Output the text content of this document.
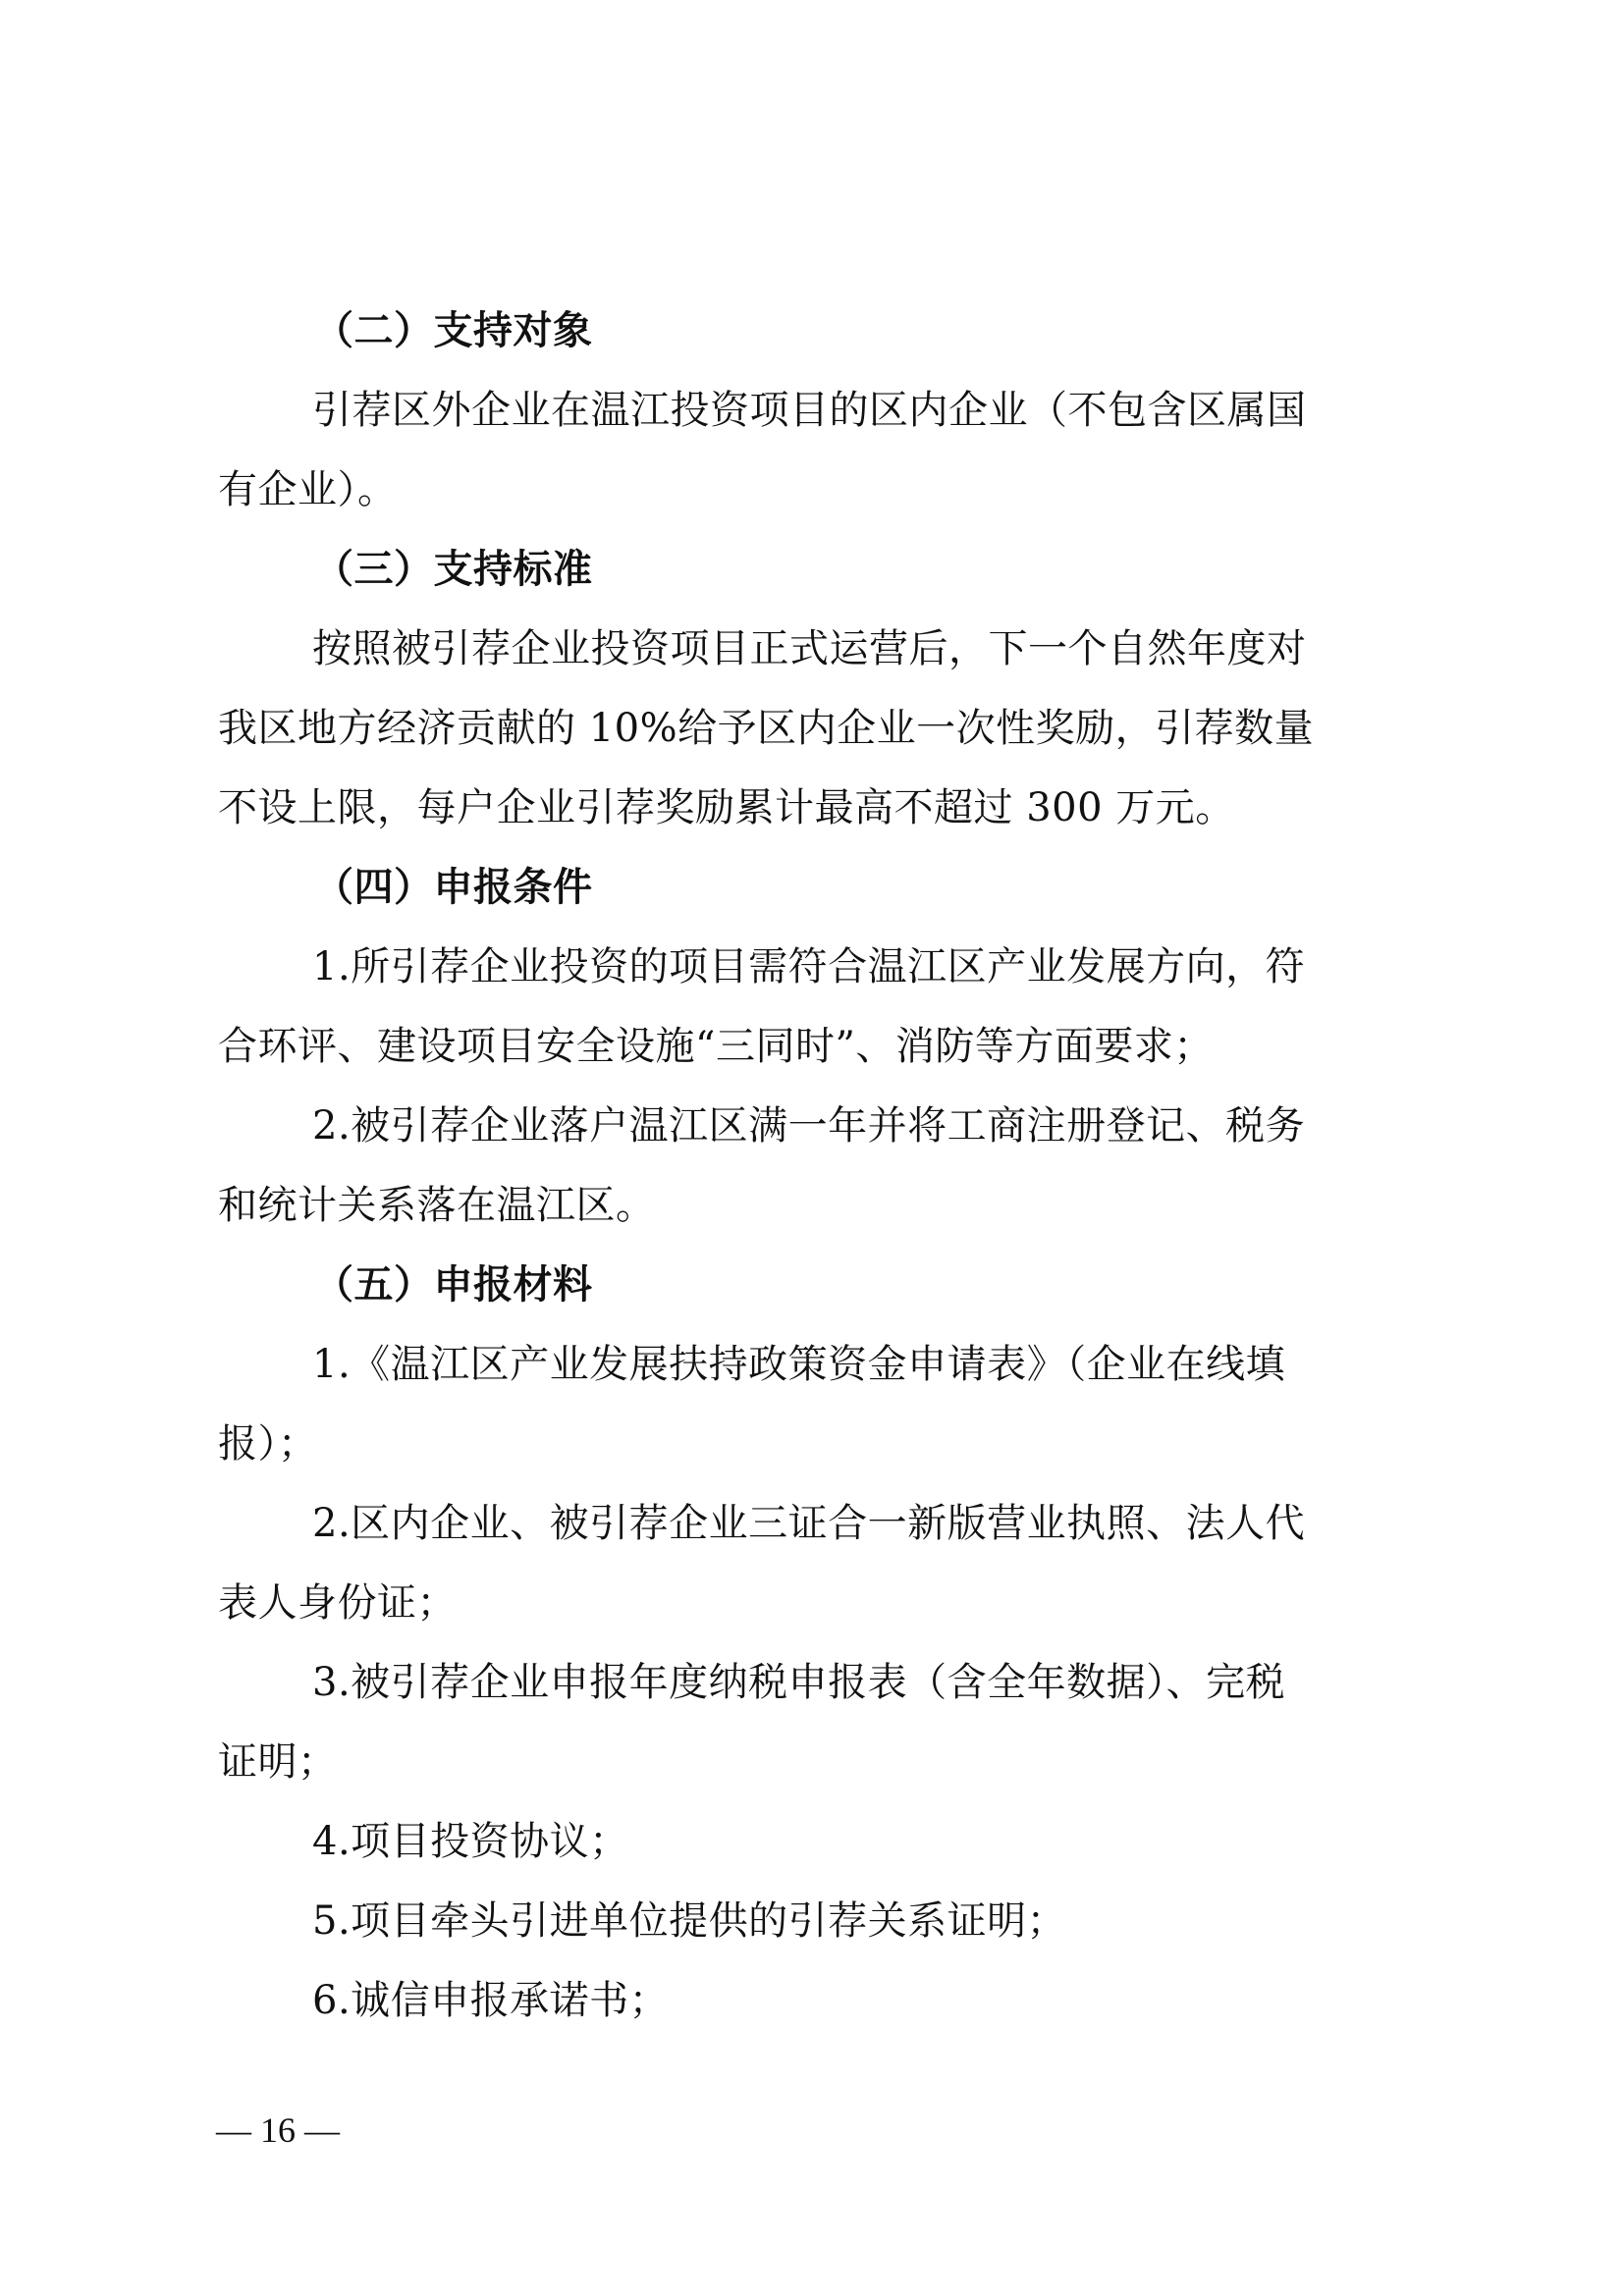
（二）支持对象
引荐区外企业在温江投资项目的区内企业（不包含区属国
有企业）。
（三）支持标准
按照被引荐企业投资项目正式运营后，下一个自然年度对
我区地方经济贡献的 10%给予区内企业一次性奖励，引荐数量
不设上限，每户企业引荐奖励累计最高不超过 300 万元。
（四）申报条件
1.所引荐企业投资的项目需符合温江区产业发展方向，符
合环评、建设项目安全设施“三同时”、消防等方面要求；
2.被引荐企业落户温江区满一年并将工商注册登记、税务
和统计关系落在温江区。
（五）申报材料
1.《温江区产业发展扶持政策资金申请表》（企业在线填
报）；
2.区内企业、被引荐企业三证合一新版营业执照、法人代
表人身份证；
3.被引荐企业申报年度纳税申报表（含全年数据）、完税
证明；
4.项目投资协议；
5.项目牵头引进单位提供的引荐关系证明；
6.诚信申报承诺书；
— 16 —
